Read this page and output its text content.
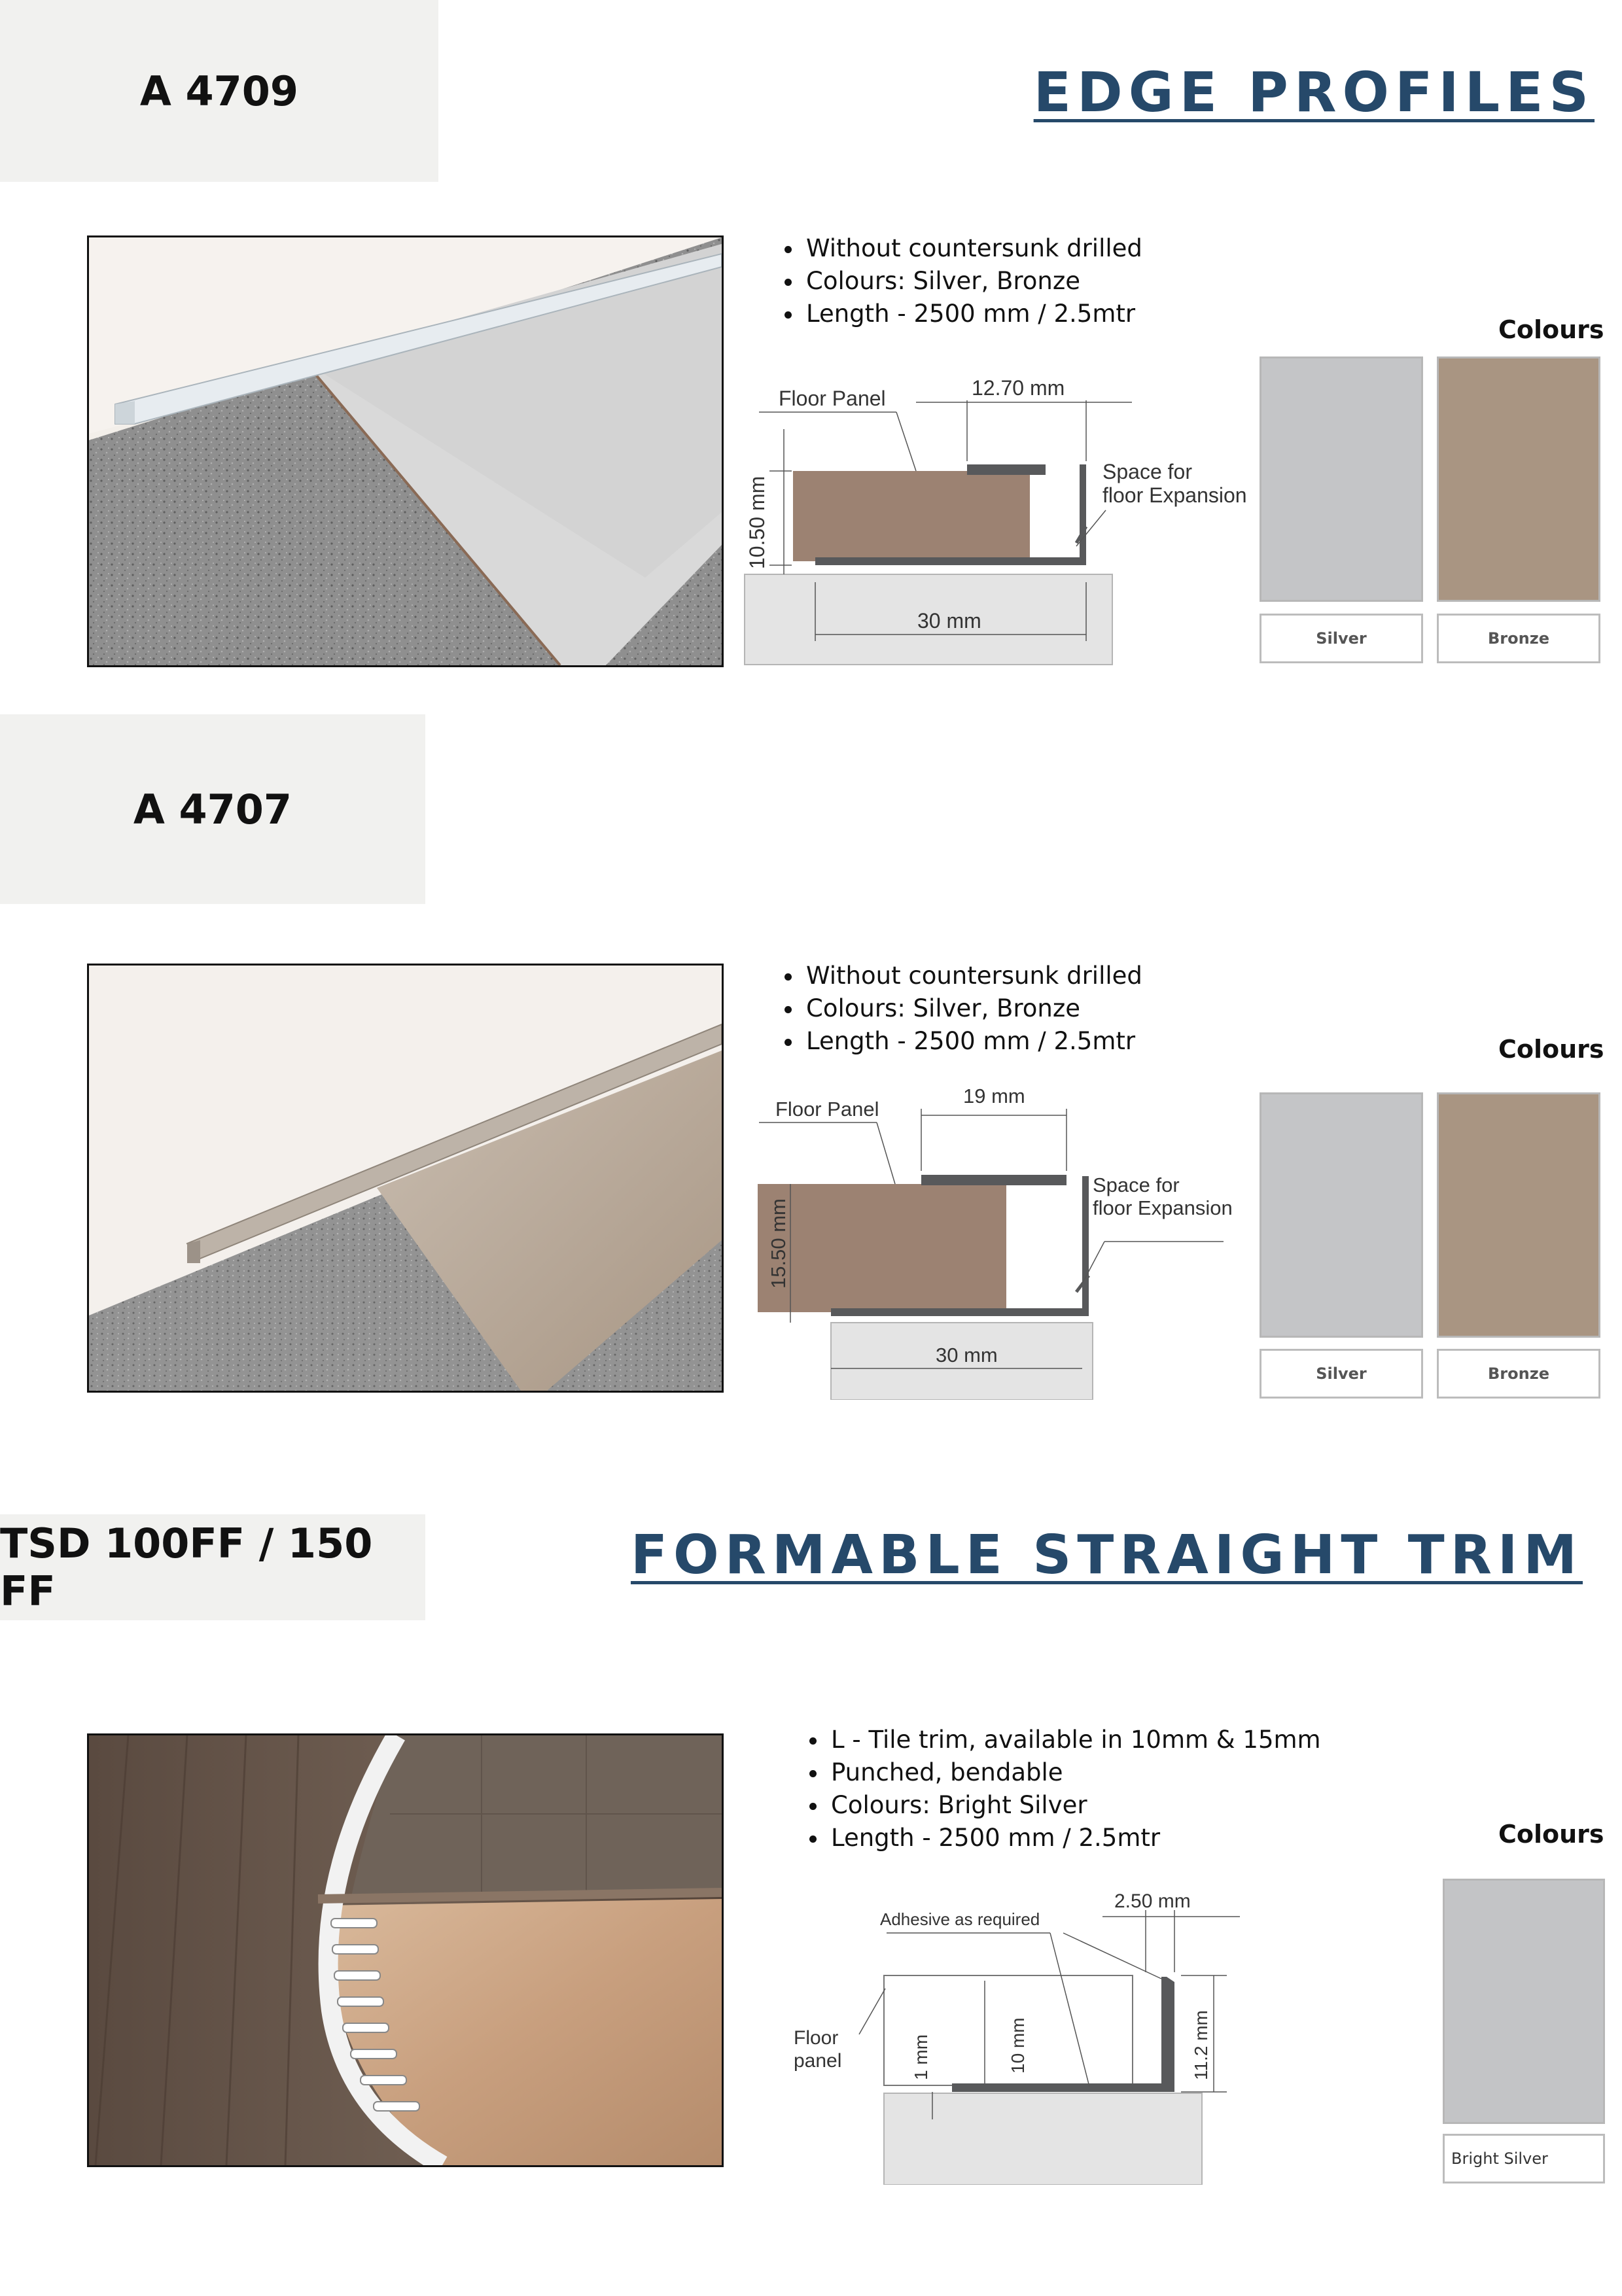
A 4709	EDGE PROFILES
• Without countersunk drilled
• Colours: Silver, Bronze
• Length - 2500 mm / 2.5mtr
Floor Panel	12.70 mm
Space for
floor Expansion
10.50 mm
30 mm
Colours
Silver	Bronze
A 4707
• Without countersunk drilled
• Colours: Silver, Bronze
• Length - 2500 mm / 2.5mtr
Floor Panel
19 mm
Space for
floor Expansion
15.50 mm
30 mm
Colours
Silver	Bronze
TSD 100FF / 150 FF
FORMABLE STRAIGHT TRIM
• L - Tile trim, available in 10mm & 15mm
• Punched, bendable
• Colours: Bright Silver
• Length - 2500 mm / 2.5mtr
Adhesive as required
2.50 mm
Floor
panel	1 mm	10 mm	11.2 mm
Colours
Bright Silver
